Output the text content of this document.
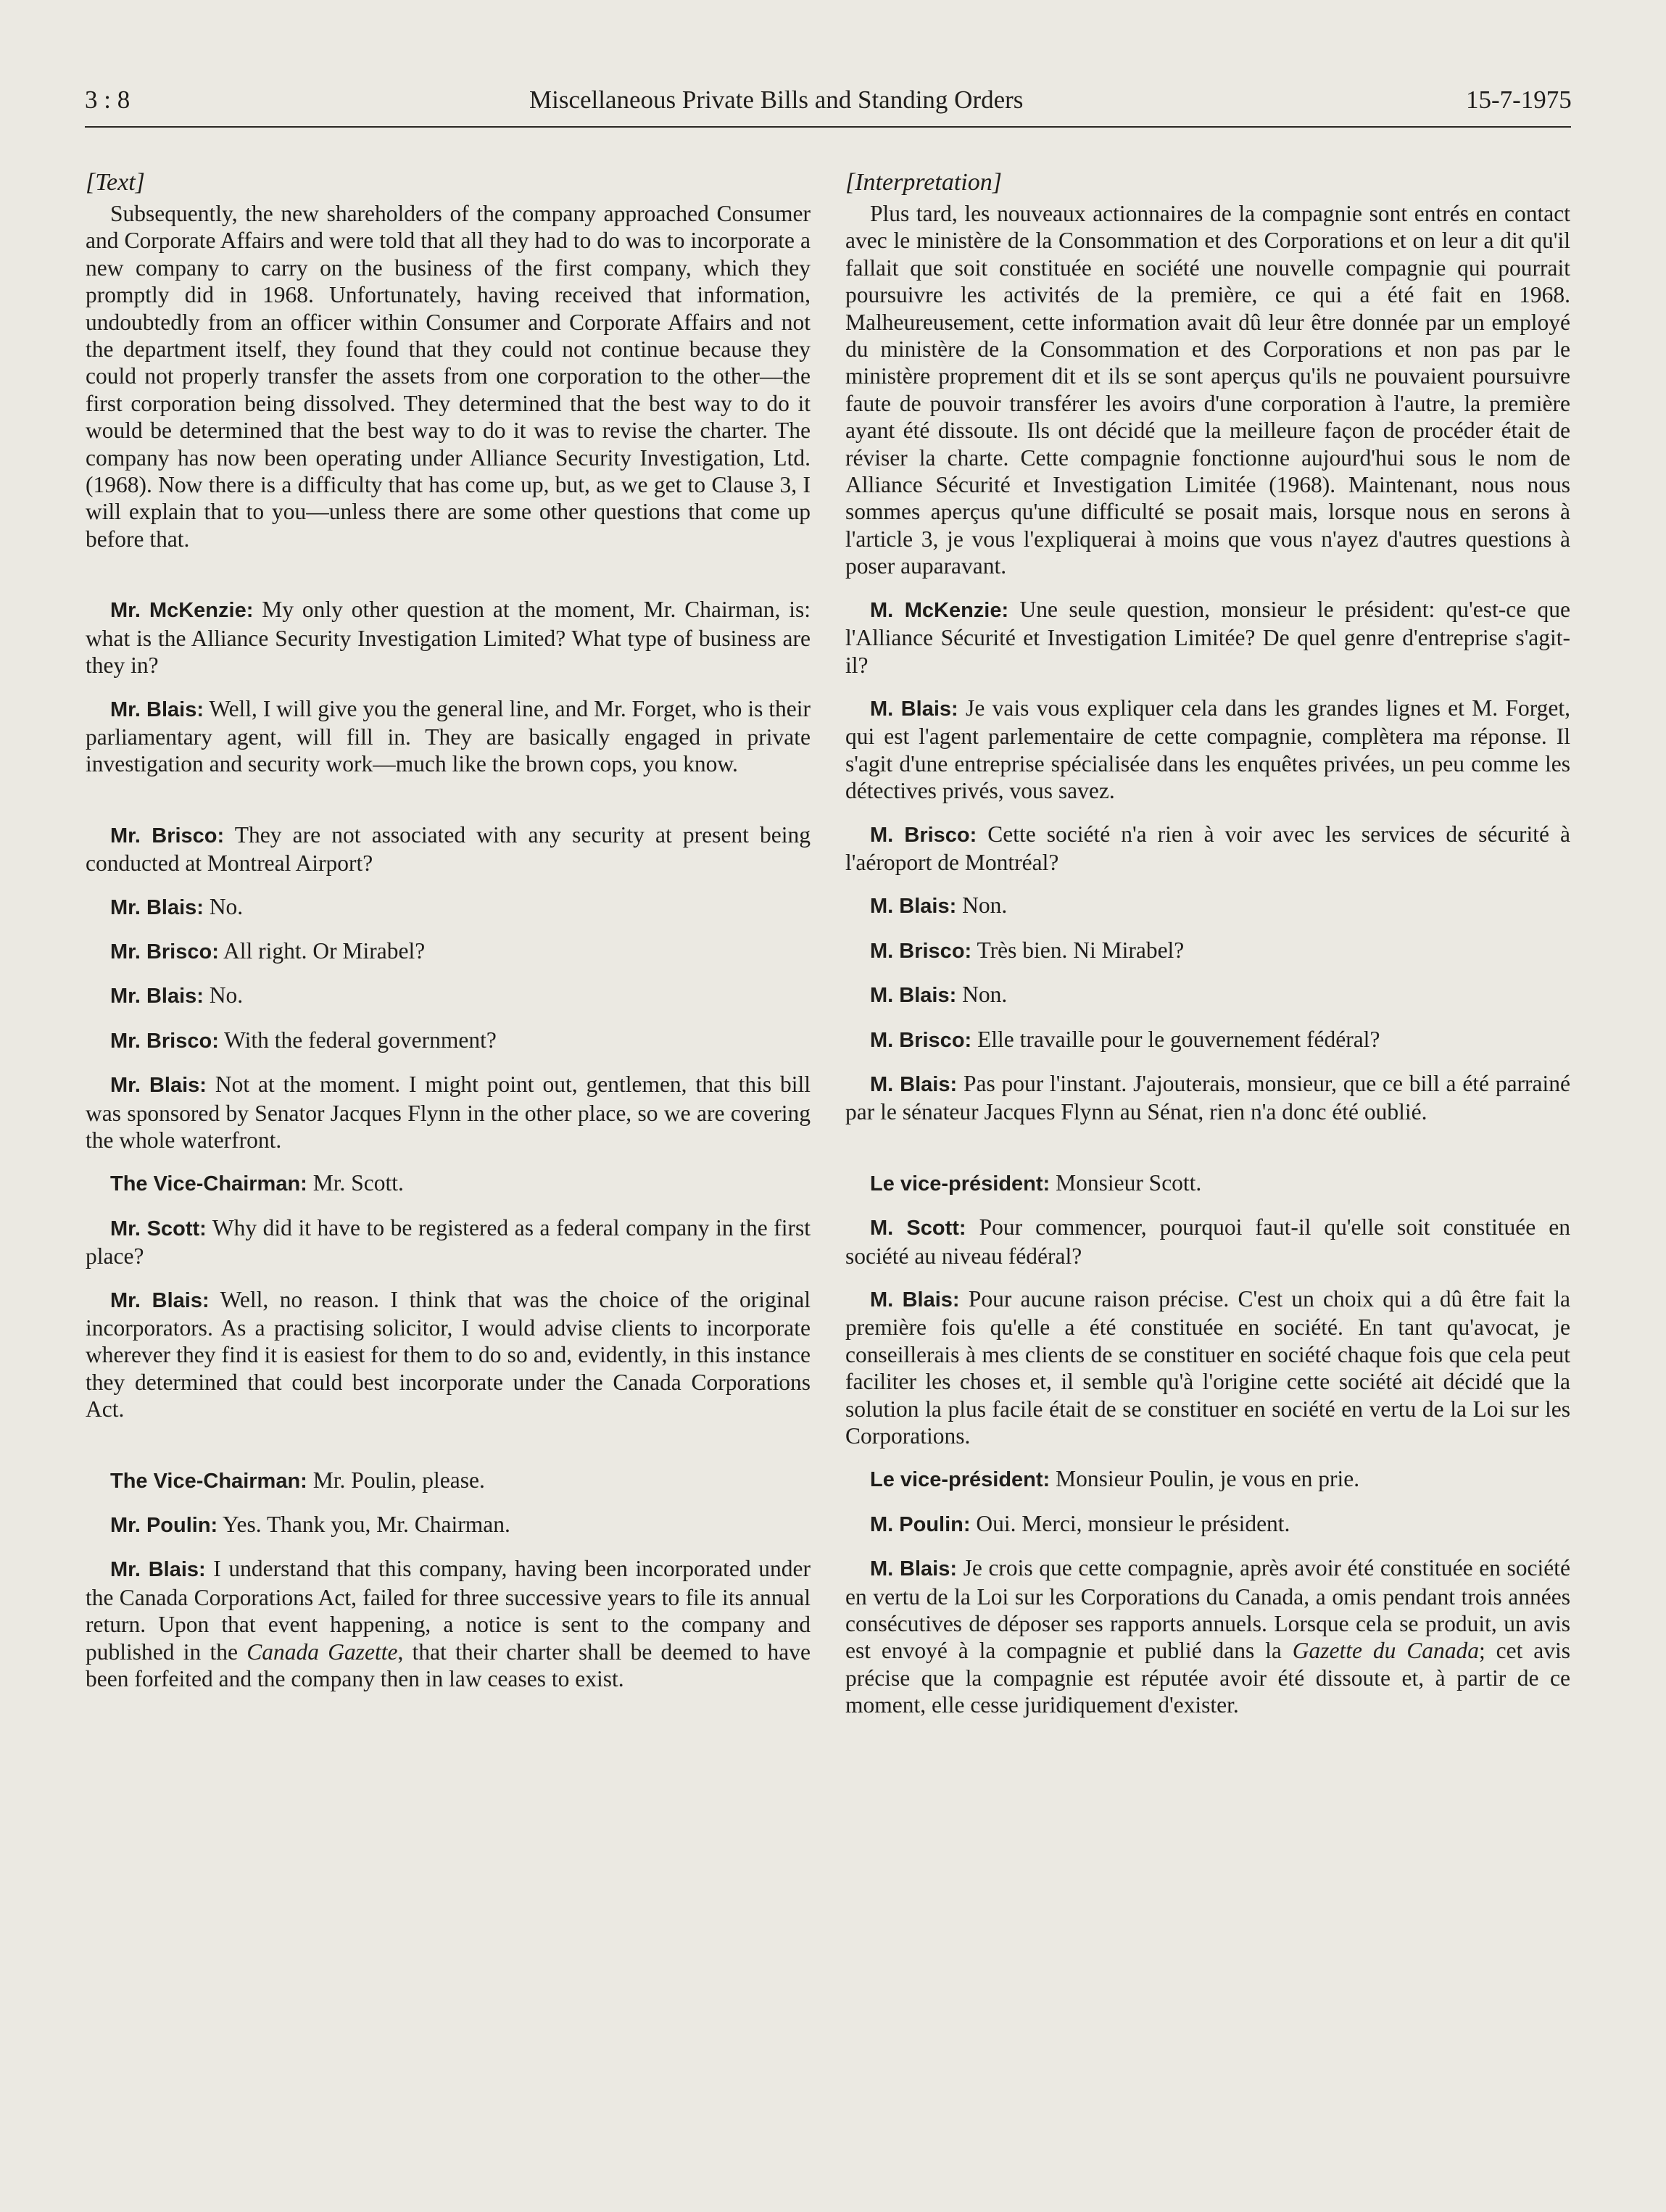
3 : 8	Miscellaneous Private Bills and Standing Orders	15-7-1975
[Text]

Subsequently, the new shareholders of the company approached Consumer and Corporate Affairs and were told that all they had to do was to incorporate a new company to carry on the business of the first company, which they promptly did in 1968. Unfortunately, having received that information, undoubtedly from an officer within Consumer and Corporate Affairs and not the department itself, they found that they could not continue because they could not properly transfer the assets from one corporation to the other—the first corporation being dissolved. They determined that the best way to do it would be determined that the best way to do it was to revise the charter. The company has now been operating under Alliance Security Investigation, Ltd. (1968). Now there is a difficulty that has come up, but, as we get to Clause 3, I will explain that to you—unless there are some other questions that come up before that.

Mr. McKenzie: My only other question at the moment, Mr. Chairman, is: what is the Alliance Security Investigation Limited? What type of business are they in?

Mr. Blais: Well, I will give you the general line, and Mr. Forget, who is their parliamentary agent, will fill in. They are basically engaged in private investigation and security work—much like the brown cops, you know.

Mr. Brisco: They are not associated with any security at present being conducted at Montreal Airport?

Mr. Blais: No.

Mr. Brisco: All right. Or Mirabel?

Mr. Blais: No.

Mr. Brisco: With the federal government?

Mr. Blais: Not at the moment. I might point out, gentlemen, that this bill was sponsored by Senator Jacques Flynn in the other place, so we are covering the whole waterfront.

The Vice-Chairman: Mr. Scott.

Mr. Scott: Why did it have to be registered as a federal company in the first place?

Mr. Blais: Well, no reason. I think that was the choice of the original incorporators. As a practising solicitor, I would advise clients to incorporate wherever they find it is easiest for them to do so and, evidently, in this instance they determined that could best incorporate under the Canada Corporations Act.

The Vice-Chairman: Mr. Poulin, please.

Mr. Poulin: Yes. Thank you, Mr. Chairman.

Mr. Blais: I understand that this company, having been incorporated under the Canada Corporations Act, failed for three successive years to file its annual return. Upon that event happening, a notice is sent to the company and published in the Canada Gazette, that their charter shall be deemed to have been forfeited and the company then in law ceases to exist.

[Interpretation]

Plus tard, les nouveaux actionnaires de la compagnie sont entrés en contact avec le ministère de la Consommation et des Corporations et on leur a dit qu'il fallait que soit constituée en société une nouvelle compagnie qui pourrait poursuivre les activités de la première, ce qui a été fait en 1968. Malheureusement, cette information avait dû leur être donnée par un employé du ministère de la Consommation et des Corporations et non pas par le ministère proprement dit et ils se sont aperçus qu'ils ne pouvaient poursuivre faute de pouvoir transférer les avoirs d'une corporation à l'autre, la première ayant été dissoute. Ils ont décidé que la meilleure façon de procéder était de réviser la charte. Cette compagnie fonctionne aujourd'hui sous le nom de Alliance Sécurité et Investigation Limitée (1968). Maintenant, nous nous sommes aperçus qu'une difficulté se posait mais, lorsque nous en serons à l'article 3, je vous l'expliquerai à moins que vous n'ayez d'autres questions à poser auparavant.

M. McKenzie: Une seule question, monsieur le président: qu'est-ce que l'Alliance Sécurité et Investigation Limitée? De quel genre d'entreprise s'agit-il?

M. Blais: Je vais vous expliquer cela dans les grandes lignes et M. Forget, qui est l'agent parlementaire de cette compagnie, complètera ma réponse. Il s'agit d'une entreprise spécialisée dans les enquêtes privées, un peu comme les détectives privés, vous savez.

M. Brisco: Cette société n'a rien à voir avec les services de sécurité à l'aéroport de Montréal?

M. Blais: Non.

M. Brisco: Très bien. Ni Mirabel?

M. Blais: Non.

M. Brisco: Elle travaille pour le gouvernement fédéral?

M. Blais: Pas pour l'instant. J'ajouterais, monsieur, que ce bill a été parrainé par le sénateur Jacques Flynn au Sénat, rien n'a donc été oublié.

Le vice-président: Monsieur Scott.

M. Scott: Pour commencer, pourquoi faut-il qu'elle soit constituée en société au niveau fédéral?

M. Blais: Pour aucune raison précise. C'est un choix qui a dû être fait la première fois qu'elle a été constituée en société. En tant qu'avocat, je conseillerais à mes clients de se constituer en société chaque fois que cela peut faciliter les choses et, il semble qu'à l'origine cette société ait décidé que la solution la plus facile était de se constituer en société en vertu de la Loi sur les Corporations.

Le vice-président: Monsieur Poulin, je vous en prie.

M. Poulin: Oui. Merci, monsieur le président.

M. Blais: Je crois que cette compagnie, après avoir été constituée en société en vertu de la Loi sur les Corporations du Canada, a omis pendant trois années consécutives de déposer ses rapports annuels. Lorsque cela se produit, un avis est envoyé à la compagnie et publié dans la Gazette du Canada; cet avis précise que la compagnie est réputée avoir été dissoute et, à partir de ce moment, elle cesse juridiquement d'exister.
